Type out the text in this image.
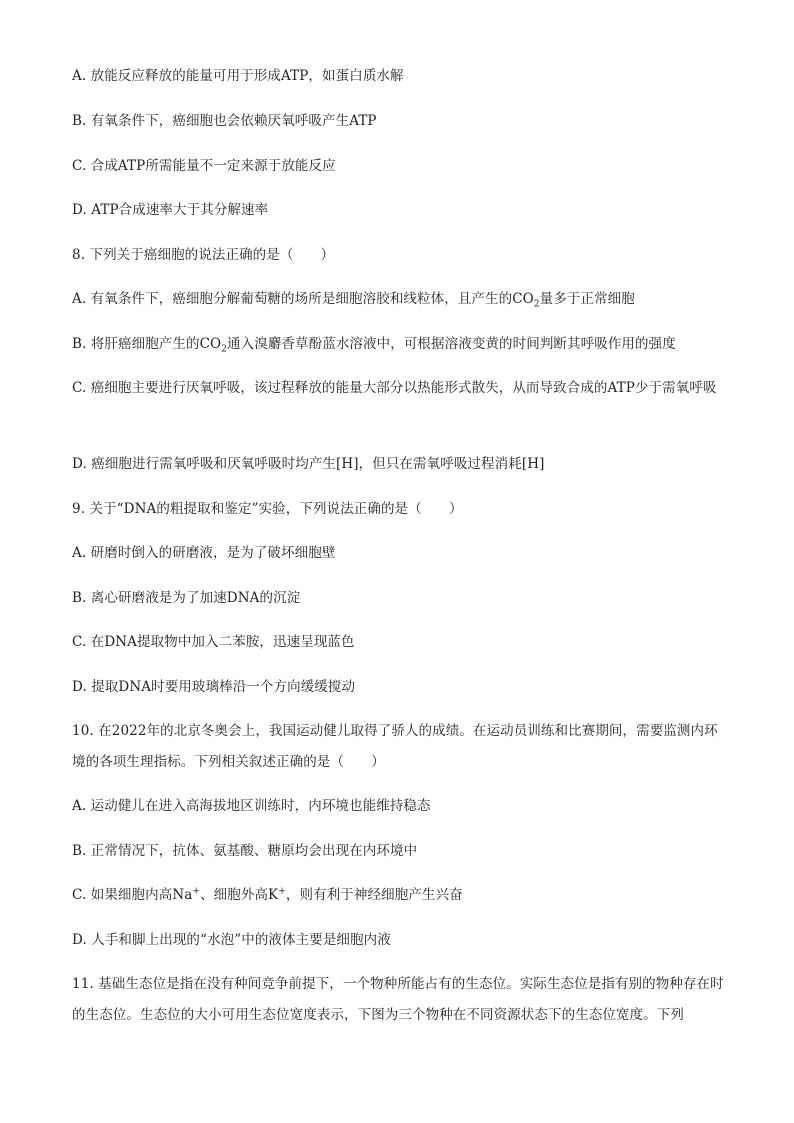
A. 放能反应释放的能量可用于形成ATP，如蛋白质水解
B. 有氧条件下，癌细胞也会依赖厌氧呼吸产生ATP
C. 合成ATP所需能量不一定来源于放能反应
D. ATP合成速率大于其分解速率
8. 下列关于癌细胞的说法正确的是（　　）
A. 有氧条件下，癌细胞分解葡萄糖的场所是细胞溶胶和线粒体，且产生的$CO_2$量多于正常细胞
B. 将肝癌细胞产生的$CO_2$通入溴麝香草酚蓝水溶液中，可根据溶液变黄的时间判断其呼吸作用的强度
C. 癌细胞主要进行厌氧呼吸，该过程释放的能量大部分以热能形式散失，从而导致合成的ATP少于需氧呼吸
D. 癌细胞进行需氧呼吸和厌氧呼吸时均产生[H]，但只在需氧呼吸过程消耗[H]
9. 关于“DNA的粗提取和鉴定”实验，下列说法正确的是（　　）
A. 研磨时倒入的研磨液，是为了破坏细胞壁
B. 离心研磨液是为了加速DNA的沉淀
C. 在DNA提取物中加入二苯胺，迅速呈现蓝色
D. 提取DNA时要用玻璃棒沿一个方向缓缓搅动
10. 在2022年的北京冬奥会上，我国运动健儿取得了骄人的成绩。在运动员训练和比赛期间，需要监测内环境的各项生理指标。下列相关叙述正确的是（　　）
A. 运动健儿在进入高海拔地区训练时，内环境也能维持稳态
B. 正常情况下，抗体、氨基酸、糖原均会出现在内环境中
C. 如果细胞内高Na+、细胞外高K+，则有利于神经细胞产生兴奋
D. 人手和脚上出现的“水泡”中的液体主要是细胞内液
11. 基础生态位是指在没有种间竞争前提下，一个物种所能占有的生态位。实际生态位是指有别的物种存在时的生态位。生态位的大小可用生态位宽度表示，下图为三个物种在不同资源状态下的生态位宽度。下列
